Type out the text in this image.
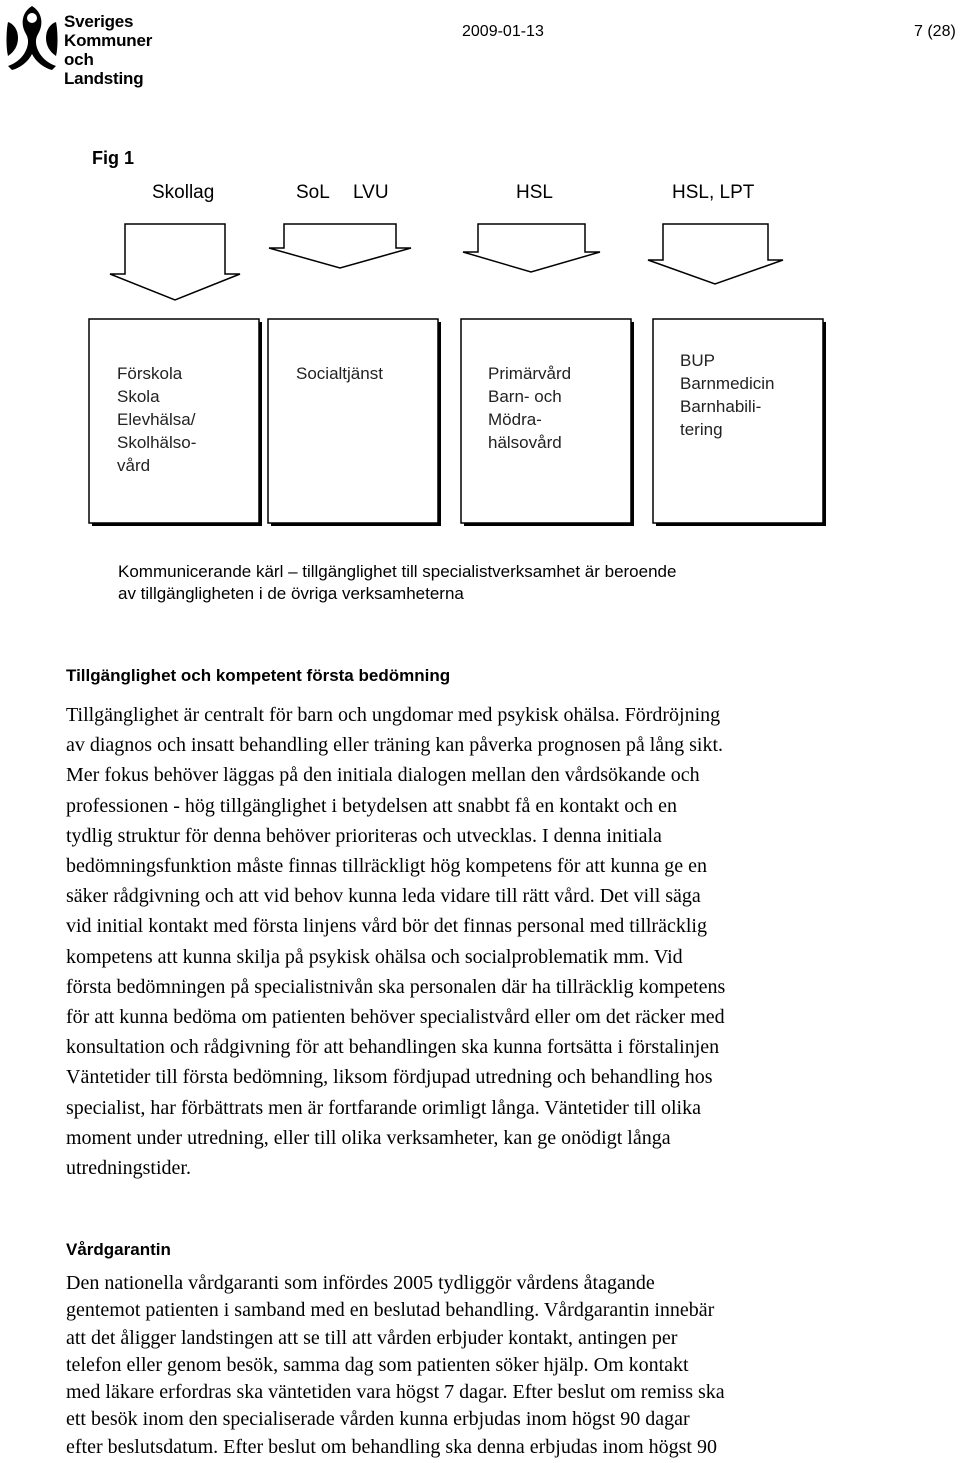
Sveriges
Kommuner
och Landsting
2009-01-13	7 (28)
Fig 1
Skollag	SoL LVU	HSL	HSL, LPT
Förskola
Skola
Elevhälsa/
Skolhälso-
vård
Socialtjänst	Primärvård
Barn- och
Mödra-
hälsovård
BUP
Barnmedicin
Barnhabili-
tering
Kommunicerande kärl – tillgänglighet till specialistverksamhet är beroende
av tillgängligheten i de övriga verksamheterna
Tillgänglighet och kompetent första bedömning
Tillgänglighet är centralt för barn och ungdomar med psykisk ohälsa. Fördröjning
av diagnos och insatt behandling eller träning kan påverka prognosen på lång sikt.
Mer fokus behöver läggas på den initiala dialogen mellan den vårdsökande och
professionen - hög tillgänglighet i betydelsen att snabbt få en kontakt och en
tydlig struktur för denna behöver prioriteras och utvecklas. I denna initiala
bedömningsfunktion måste finnas tillräckligt hög kompetens för att kunna ge en
säker rådgivning och att vid behov kunna leda vidare till rätt vård. Det vill säga
vid initial kontakt med första linjens vård bör det finnas personal med tillräcklig
kompetens att kunna skilja på psykisk ohälsa och socialproblematik mm. Vid
första bedömningen på specialistnivån ska personalen där ha tillräcklig kompetens
för att kunna bedöma om patienten behöver specialistvård eller om det räcker med
konsultation och rådgivning för att behandlingen ska kunna fortsätta i förstalinjen
Väntetider till första bedömning, liksom fördjupad utredning och behandling hos
specialist, har förbättrats men är fortfarande orimligt långa. Väntetider till olika
moment under utredning, eller till olika verksamheter, kan ge onödigt långa
utredningstider.
Vårdgarantin
Den nationella vårdgaranti som infördes 2005 tydliggör vårdens åtagande
gentemot patienten i samband med en beslutad behandling. Vårdgarantin innebär
att det åligger landstingen att se till att vården erbjuder kontakt, antingen per
telefon eller genom besök, samma dag som patienten söker hjälp. Om kontakt
med läkare erfordras ska väntetiden vara högst 7 dagar. Efter beslut om remiss ska
ett besök inom den specialiserade vården kunna erbjudas inom högst 90 dagar
efter beslutsdatum. Efter beslut om behandling ska denna erbjudas inom högst 90
